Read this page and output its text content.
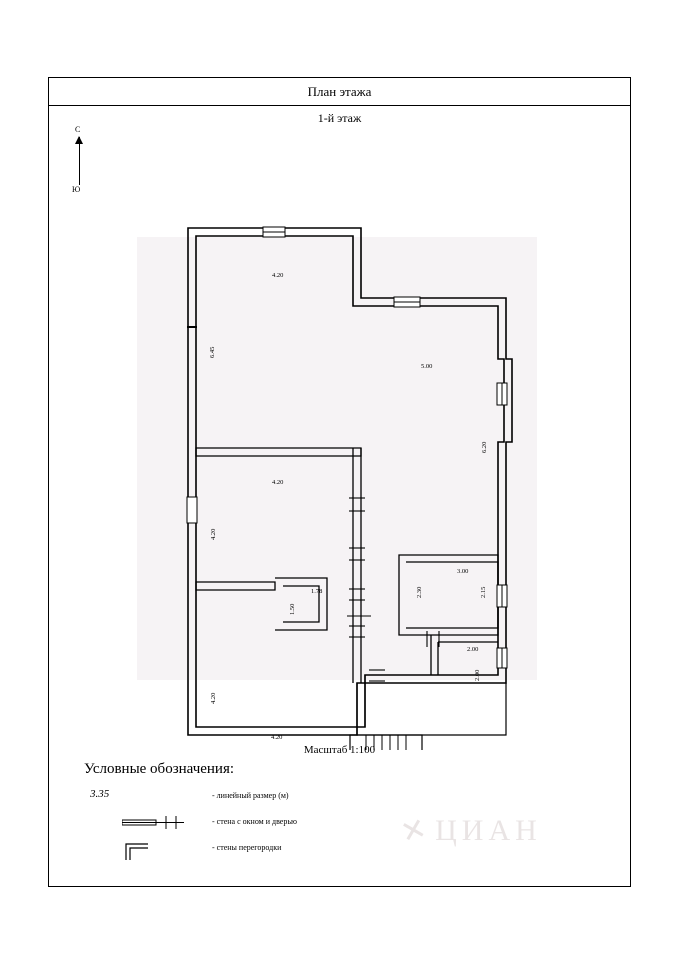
План этажа
1-й этаж
С
Ю
4.20
6.45
5.00
6.20
4.20
4.20
1.78
1.50
3.00
2.30	2.15
2.00
2.00
4.20
4.20
Масштаб 1:100
Условные обозначения:
3.35	- линейный размер (м)
- стена с окном и дверью
- стены перегородки	✕ЦИАН
